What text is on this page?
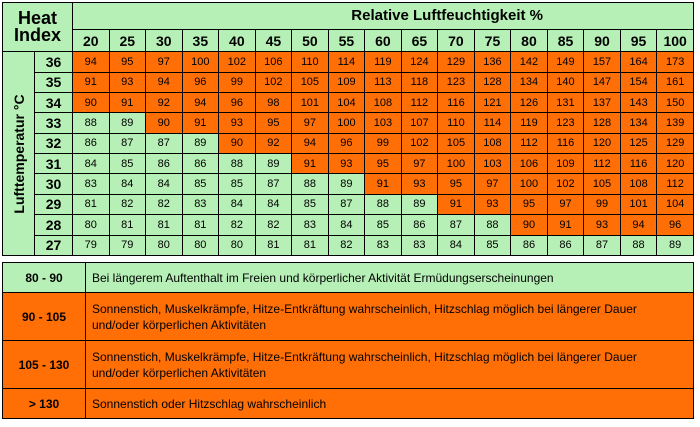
Heat
Index		Relative Luftfeuchtigkeit %																
		20	25	30	35	40	45	50	55	60	65	70	75	80	85	90	95	100

Lufttemperatur °C	36	94	95	97	100	102	106	110	114	119	124	129	136	142	149	157	164	173
	35	91	93	94	96	99	102	105	109	113	118	123	128	134	140	147	154	161
	34	90	91	92	94	96	98	101	104	108	112	116	121	126	131	137	143	150
	33	88	89	90	91	93	95	97	100	103	107	110	114	119	123	128	134	139
	32	86	87	87	89	90	92	94	96	99	102	105	108	112	116	120	125	129
	31	84	85	86	86	88	89	91	93	95	97	100	103	106	109	112	116	120
	30	83	84	84	85	85	87	88	89	91	93	95	97	100	102	105	108	112
	29	81	82	82	83	84	84	85	87	88	89	91	93	95	97	99	101	104
	28	80	81	81	81	82	82	83	84	85	86	87	88	90	91	93	94	96
	27	79	79	80	80	80	81	81	82	83	83	84	85	86	86	87	88	89
80 - 90	Bei längerem Auftenthalt im Freien und körperlicher Aktivität Ermüdungserscheinungen
90 - 105	Sonnenstich, Muskelkrämpfe, Hitze-Entkräftung wahrscheinlich, Hitzschlag möglich bei längerer Dauer und/oder körperlichen Aktivitäten
105 - 130	Sonnenstich, Muskelkrämpfe, Hitze-Entkräftung wahrscheinlich, Hitzschlag möglich bei längerer Dauer und/oder körperlichen Aktivitäten
> 130	Sonnenstich oder Hitzschlag wahrscheinlich
